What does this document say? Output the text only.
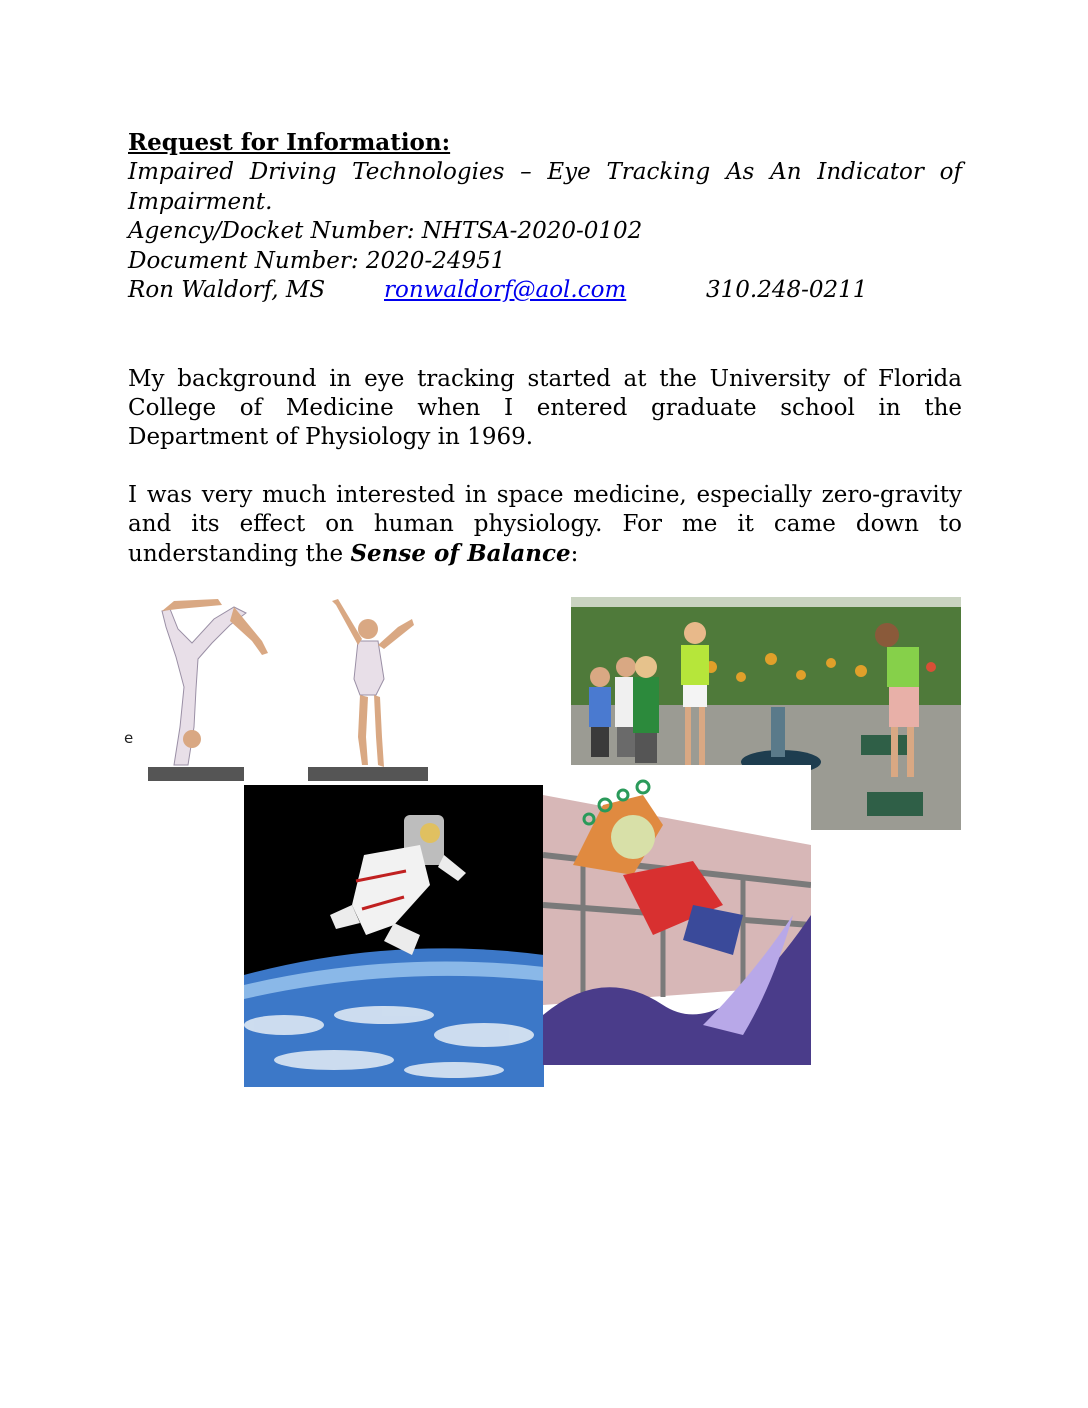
Request for Information:

Impaired Driving Technologies – Eye Tracking As An Indicator of Impairment.

Agency/Docket Number: NHTSA-2020-0102

Document Number: 2020-24951

Ron Waldorf, MS	ronwaldorf@aol.com	310.248-0211

My background in eye tracking started at the University of Florida College of Medicine when I entered graduate school in the Department of Physiology in 1969.

I was very much interested in space medicine, especially zero-gravity and its effect on human physiology. For me it came down to understanding the Sense of Balance:

e
